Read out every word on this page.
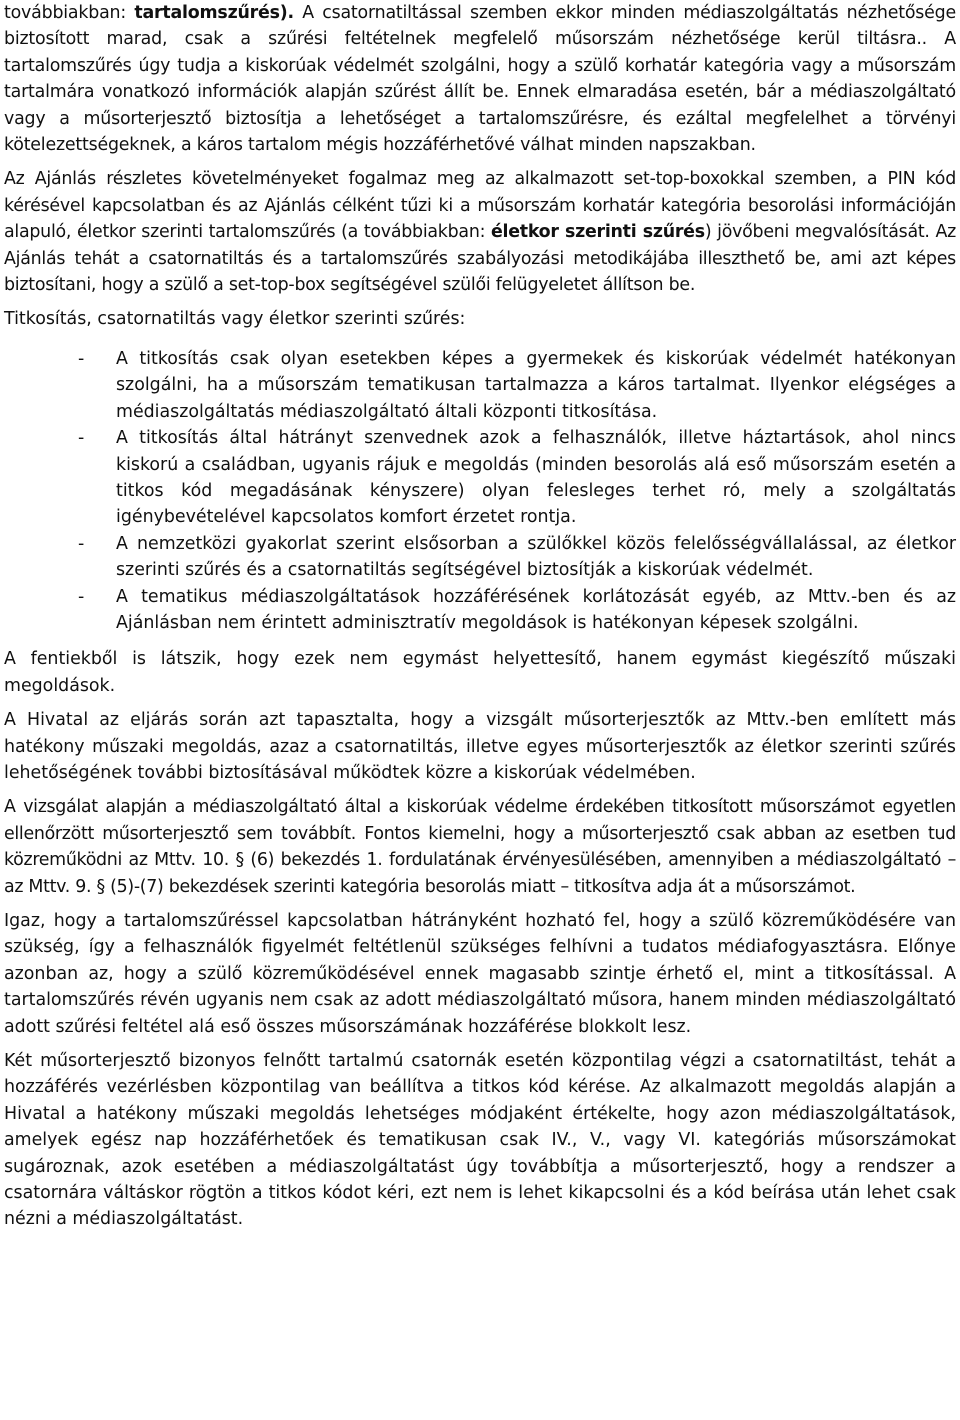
továbbiakban: tartalomszűrés). A csatornatiltással szemben ekkor minden médiaszolgáltatás nézhetősége biztosított marad, csak a szűrési feltételnek megfelelő műsorszám nézhetősége kerül tiltásra.. A tartalomszűrés úgy tudja a kiskorúak védelmét szolgálni, hogy a szülő korhatár kategória vagy a műsorszám tartalmára vonatkozó információk alapján szűrést állít be. Ennek elmaradása esetén, bár a médiaszolgáltató vagy a műsorterjesztő biztosítja a lehetőséget a tartalomszűrésre, és ezáltal megfelelhet a törvényi kötelezettségeknek, a káros tartalom mégis hozzáférhetővé válhat minden napszakban.

Az Ajánlás részletes követelményeket fogalmaz meg az alkalmazott set-top-boxokkal szemben, a PIN kód kérésével kapcsolatban és az Ajánlás célként tűzi ki a műsorszám korhatár kategória besorolási információján alapuló, életkor szerinti tartalomszűrés (a továbbiakban: életkor szerinti szűrés) jövőbeni megvalósítását. Az Ajánlás tehát a csatornatiltás és a tartalomszűrés szabályozási metodikájába illeszthető be, ami azt képes biztosítani, hogy a szülő a set-top-box segítségével szülői felügyeletet állítson be.

Titkosítás, csatornatiltás vagy életkor szerinti szűrés:

- A titkosítás csak olyan esetekben képes a gyermekek és kiskorúak védelmét hatékonyan szolgálni, ha a műsorszám tematikusan tartalmazza a káros tartalmat. Ilyenkor elégséges a médiaszolgáltatás médiaszolgáltató általi központi titkosítása.
- A titkosítás által hátrányt szenvednek azok a felhasználók, illetve háztartások, ahol nincs kiskorú a családban, ugyanis rájuk e megoldás (minden besorolás alá eső műsorszám esetén a titkos kód megadásának kényszere) olyan felesleges terhet ró, mely a szolgáltatás igénybevételével kapcsolatos komfort érzetet rontja.
- A nemzetközi gyakorlat szerint elsősorban a szülőkkel közös felelősségvállalással, az életkor szerinti szűrés és a csatornatiltás segítségével biztosítják a kiskorúak védelmét.
- A tematikus médiaszolgáltatások hozzáférésének korlátozását egyéb, az Mttv.-ben és az Ajánlásban nem érintett adminisztratív megoldások is hatékonyan képesek szolgálni.

A fentiekből is látszik, hogy ezek nem egymást helyettesítő, hanem egymást kiegészítő műszaki megoldások.

A Hivatal az eljárás során azt tapasztalta, hogy a vizsgált műsorterjesztők az Mttv.-ben említett más hatékony műszaki megoldás, azaz a csatornatiltás, illetve egyes műsorterjesztők az életkor szerinti szűrés lehetőségének további biztosításával működtek közre a kiskorúak védelmében.

A vizsgálat alapján a médiaszolgáltató által a kiskorúak védelme érdekében titkosított műsorszámot egyetlen ellenőrzött műsorterjesztő sem továbbít. Fontos kiemelni, hogy a műsorterjesztő csak abban az esetben tud közreműködni az Mttv. 10. § (6) bekezdés 1. fordulatának érvényesülésében, amennyiben a médiaszolgáltató – az Mttv. 9. § (5)-(7) bekezdések szerinti kategória besorolás miatt – titkosítva adja át a műsorszámot.

Igaz, hogy a tartalomszűréssel kapcsolatban hátrányként hozható fel, hogy a szülő közreműködésére van szükség, így a felhasználók figyelmét feltétlenül szükséges felhívni a tudatos médiafogyasztásra. Előnye azonban az, hogy a szülő közreműködésével ennek magasabb szintje érhető el, mint a titkosítással. A tartalomszűrés révén ugyanis nem csak az adott médiaszolgáltató műsora, hanem minden médiaszolgáltató adott szűrési feltétel alá eső összes műsorszámának hozzáférése blokkolt lesz.

Két műsorterjesztő bizonyos felnőtt tartalmú csatornák esetén központilag végzi a csatornatiltást, tehát a hozzáférés vezérlésben központilag van beállítva a titkos kód kérése. Az alkalmazott megoldás alapján a Hivatal a hatékony műszaki megoldás lehetséges módjaként értékelte, hogy azon médiaszolgáltatások, amelyek egész nap hozzáférhetőek és tematikusan csak IV., V., vagy VI. kategóriás műsorszámokat sugároznak, azok esetében a médiaszolgáltatást úgy továbbítja a műsorterjesztő, hogy a rendszer a csatornára váltáskor rögtön a titkos kódot kéri, ezt nem is lehet kikapcsolni és a kód beírása után lehet csak nézni a médiaszolgáltatást.
